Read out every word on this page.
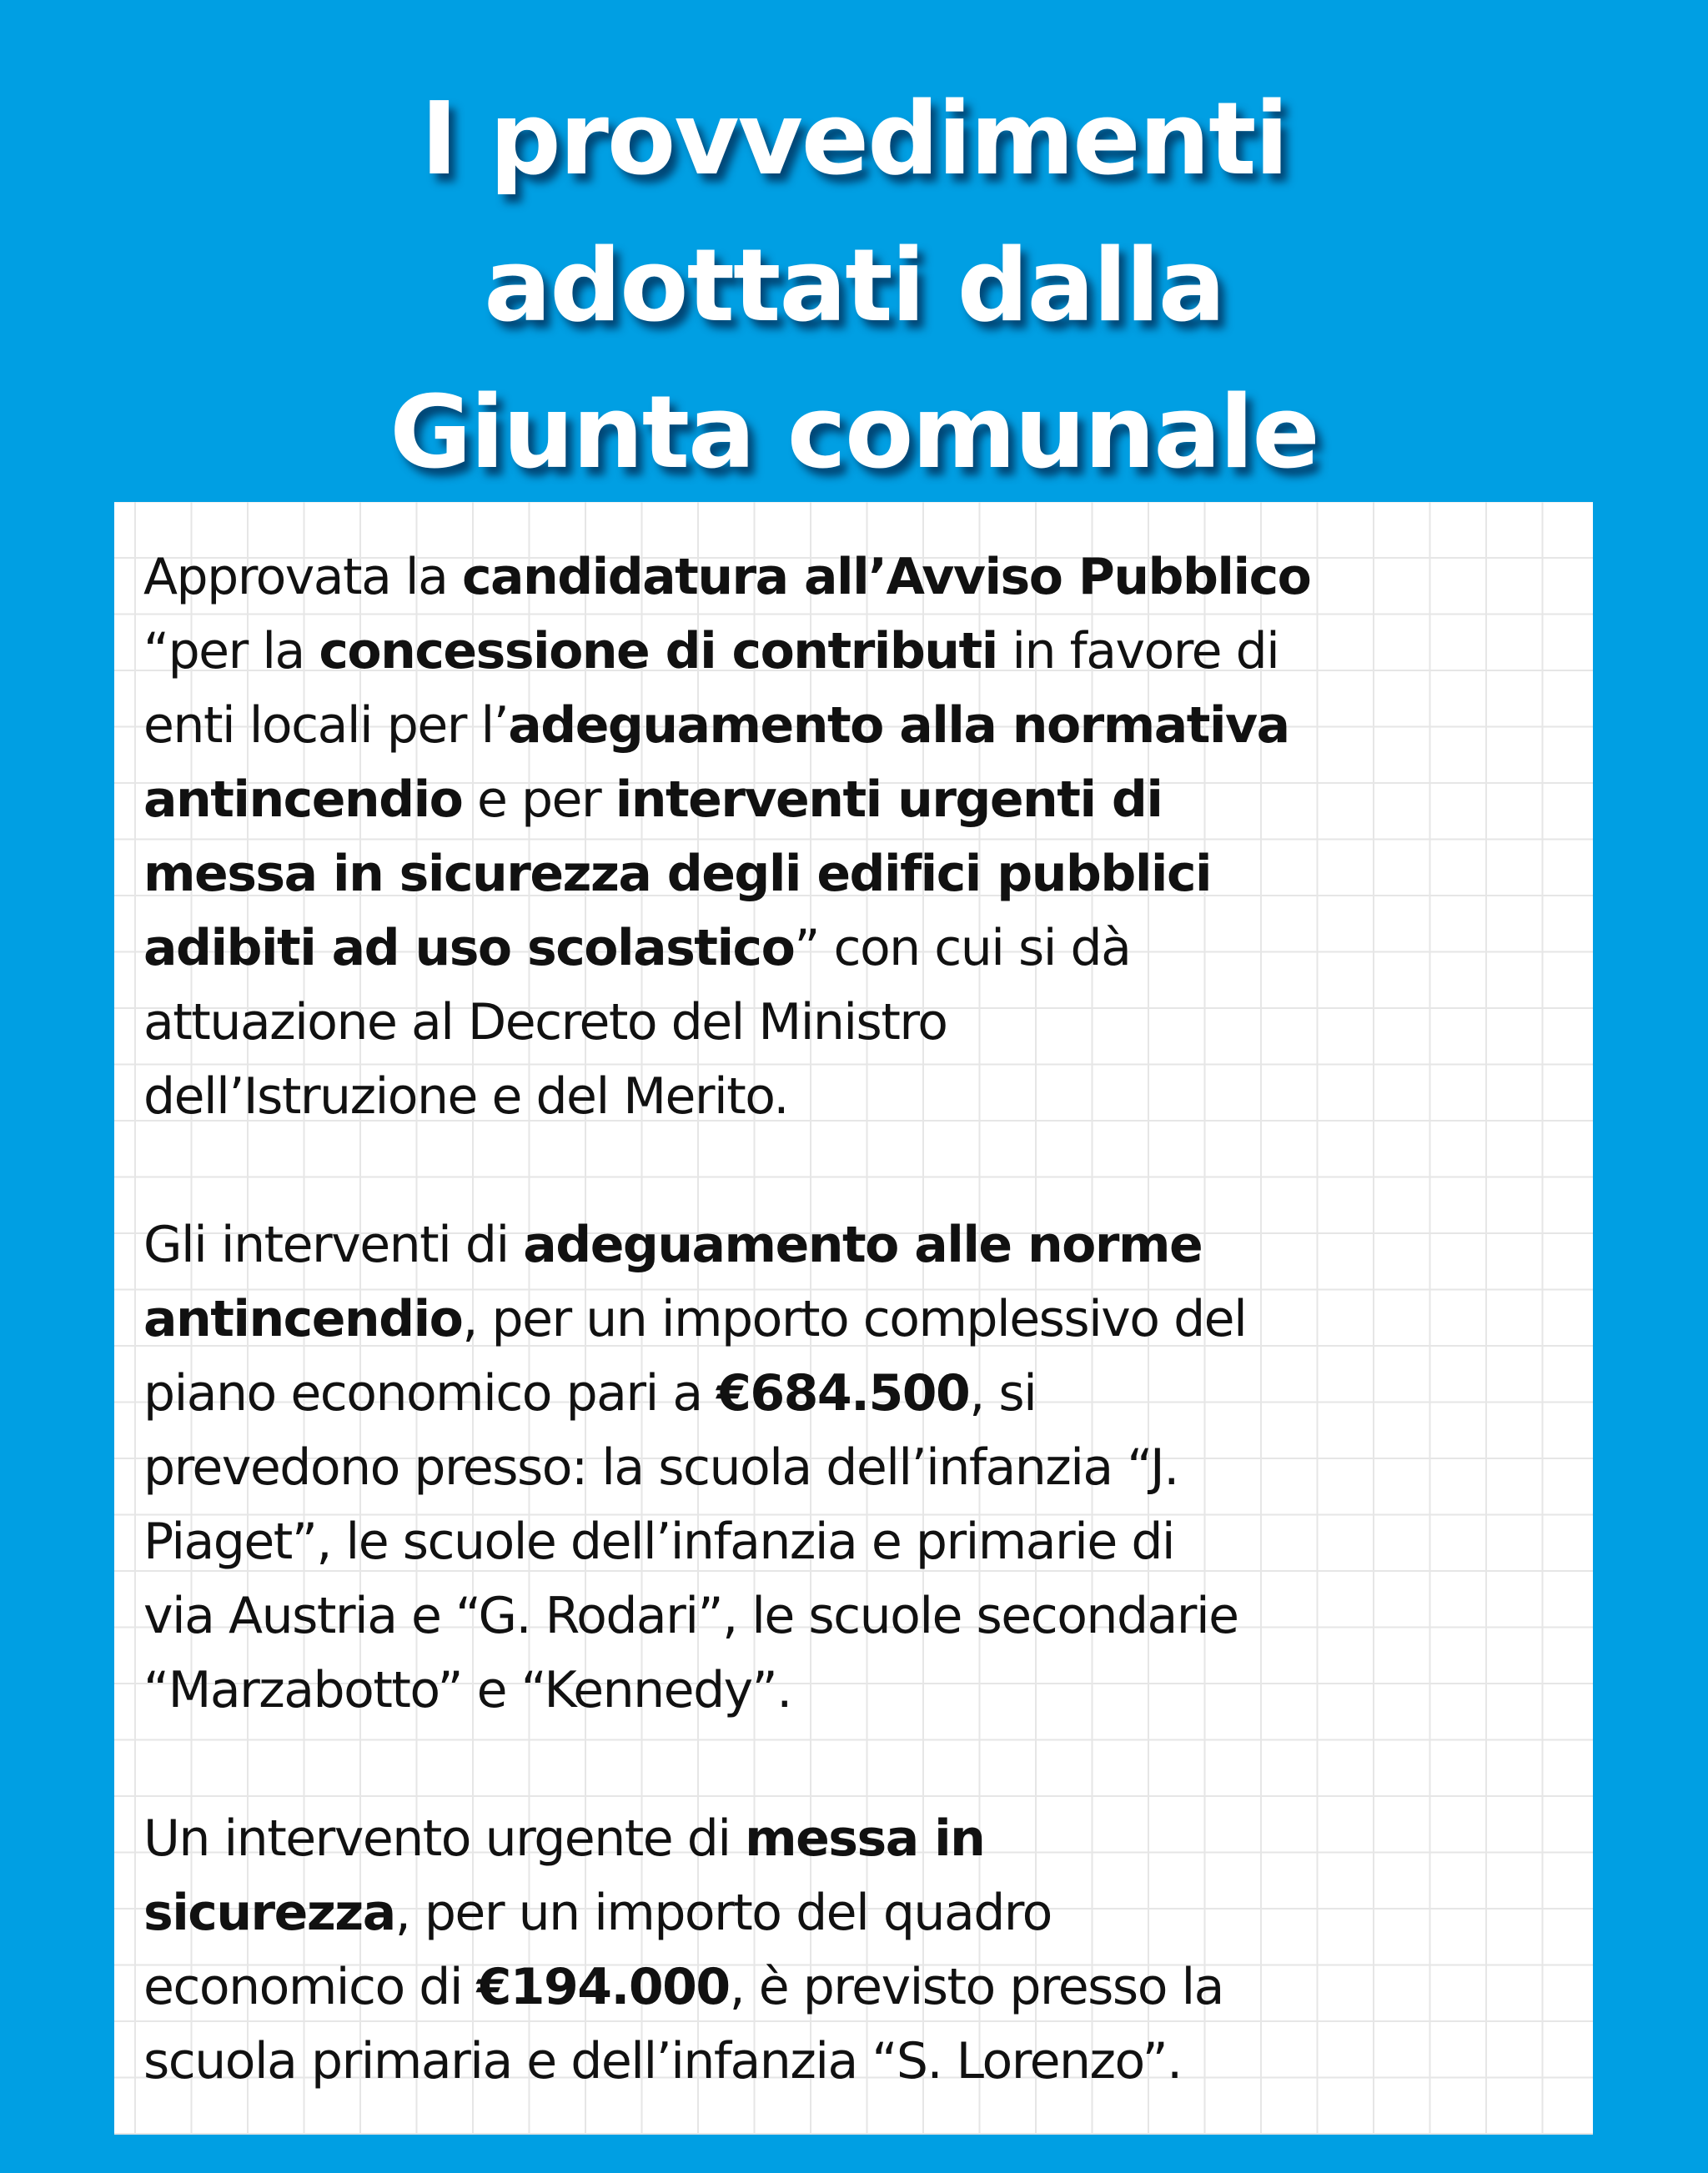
I provvedimenti
adottati dalla
Giunta comunale

Approvata la candidatura all’Avviso Pubblico
“per la concessione di contributi in favore di
enti locali per l’adeguamento alla normativa
antincendio e per interventi urgenti di
messa in sicurezza degli edifici pubblici
adibiti ad uso scolastico” con cui si dà
attuazione al Decreto del Ministro
dell’Istruzione e del Merito.

Gli interventi di adeguamento alle norme
antincendio, per un importo complessivo del
piano economico pari a €684.500, si
prevedono presso: la scuola dell’infanzia “J.
Piaget”, le scuole dell’infanzia e primarie di
via Austria e “G. Rodari”, le scuole secondarie
“Marzabotto” e “Kennedy”.

Un intervento urgente di messa in
sicurezza, per un importo del quadro
economico di €194.000, è previsto presso la
scuola primaria e dell’infanzia “S. Lorenzo”.
